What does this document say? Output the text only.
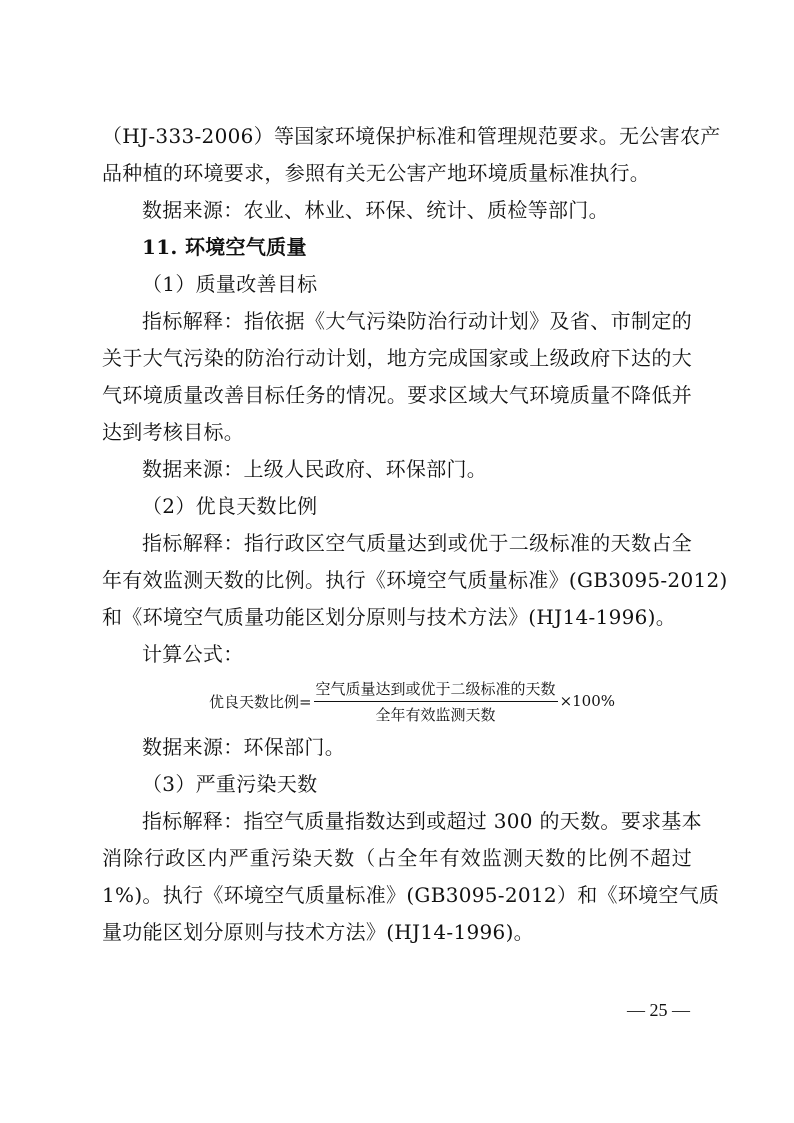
（HJ-333-2006）等国家环境保护标准和管理规范要求。无公害农产
品种植的环境要求，参照有关无公害产地环境质量标准执行。
数据来源：农业、林业、环保、统计、质检等部门。
11. 环境空气质量
（1）质量改善目标
指标解释：指依据《大气污染防治行动计划》及省、市制定的
关于大气污染的防治行动计划，地方完成国家或上级政府下达的大
气环境质量改善目标任务的情况。要求区域大气环境质量不降低并
达到考核目标。
数据来源：上级人民政府、环保部门。
（2）优良天数比例
指标解释：指行政区空气质量达到或优于二级标准的天数占全
年有效监测天数的比例。执行《环境空气质量标准》(GB3095-2012)
和《环境空气质量功能区划分原则与技术方法》(HJ14-1996)。
计算公式：
优良天数比例= $\frac{\text{空气质量达到或优于二级标准的天数}}{\text{全年有效监测天数}} \times 100\%$
数据来源：环保部门。
（3）严重污染天数
指标解释：指空气质量指数达到或超过 300 的天数。要求基本
消除行政区内严重污染天数（占全年有效监测天数的比例不超过
1%)。执行《环境空气质量标准》(GB3095-2012）和《环境空气质
量功能区划分原则与技术方法》(HJ14-1996)。
— 25 —
